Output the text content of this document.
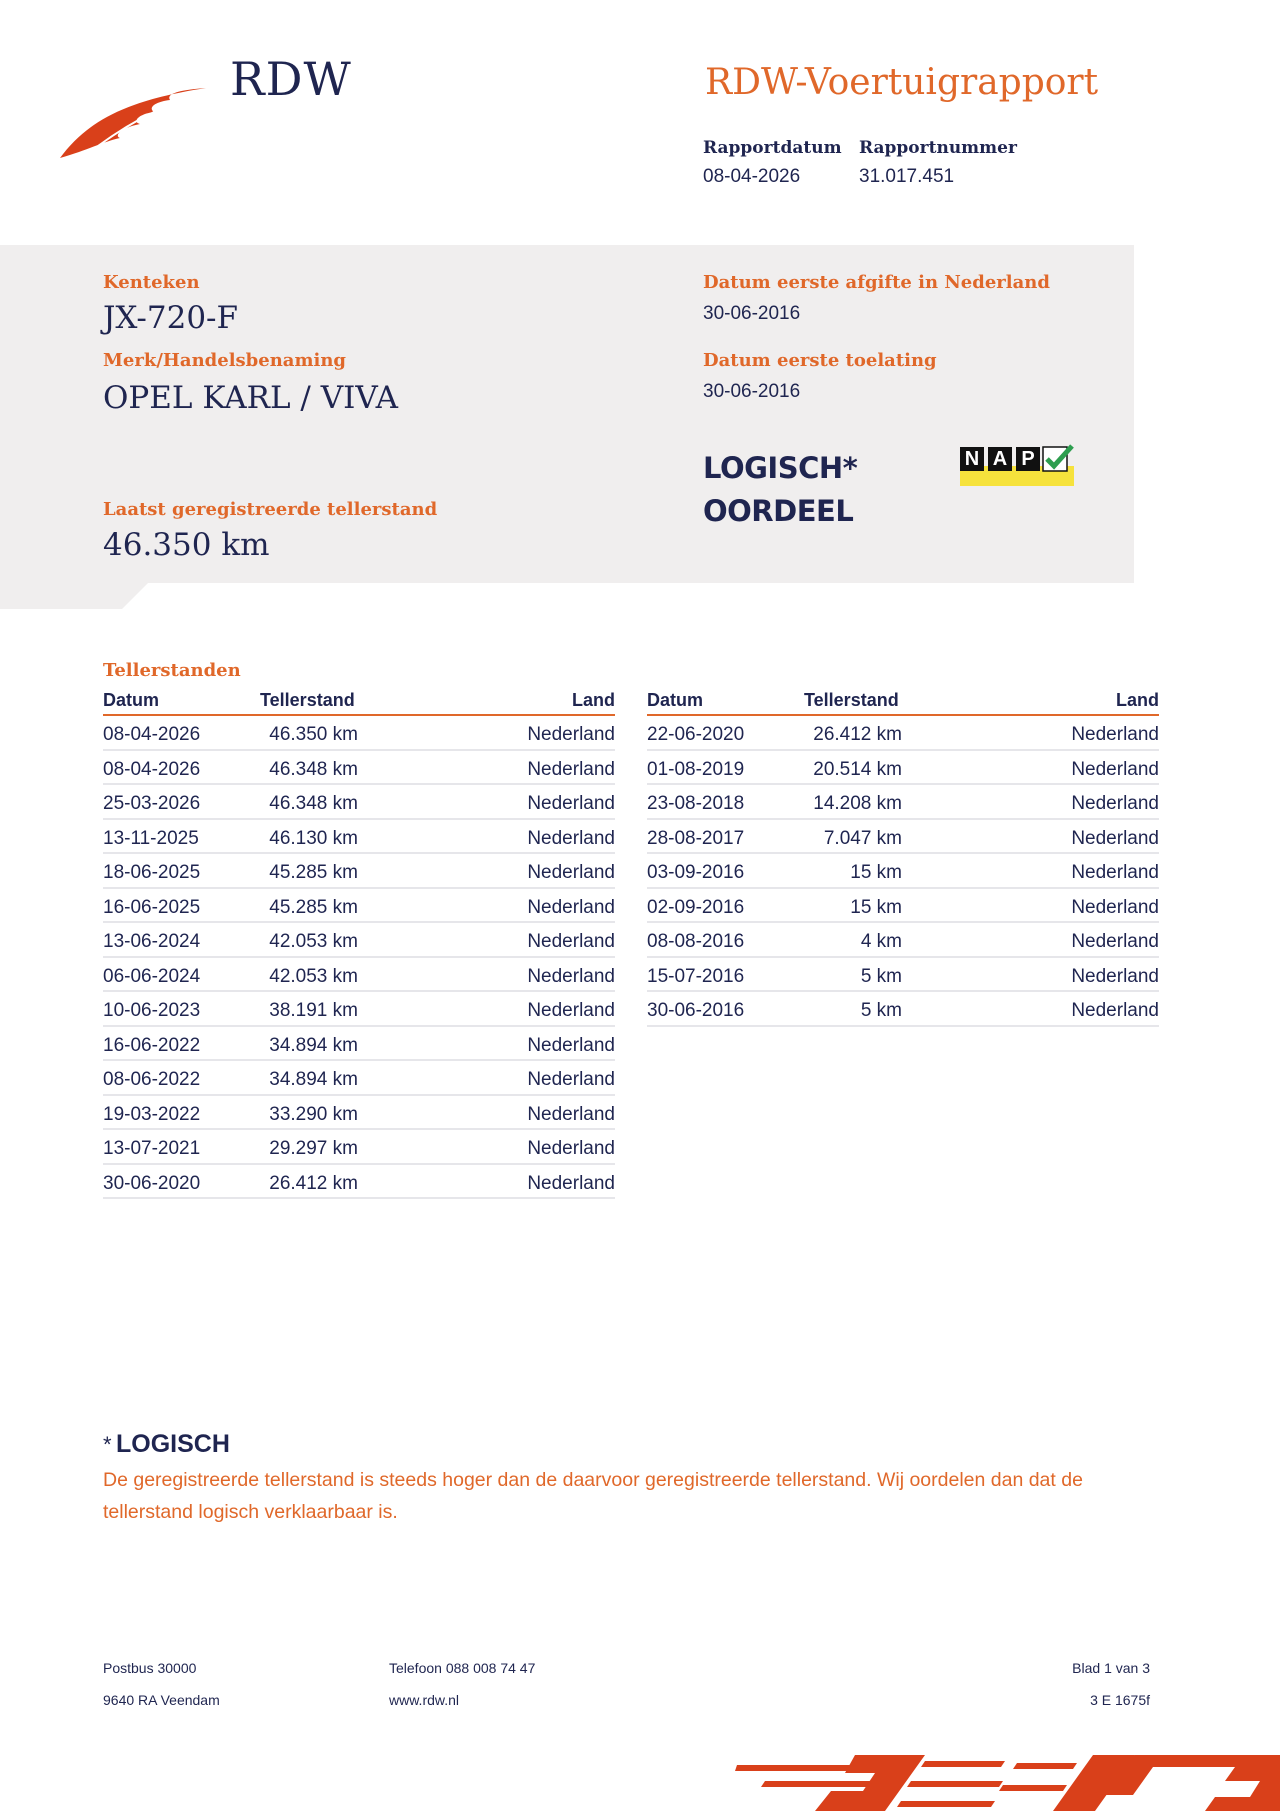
RDW	RDW-Voertuigrapport
Rapportdatum
08-04-2026
Rapportnummer
31.017.451
Kenteken
JX-720-F
Merk/Handelsbenaming
OPEL KARL / VIVA
Laatst geregistreerde tellerstand
46.350 km
Datum eerste afgifte in Nederland
30-06-2016
Datum eerste toelating
30-06-2016
LOGISCH*
OORDEEL
N A P
Tellerstanden
Datum	Tellerstand	Land
08-04-2026	46.350 km	Nederland
08-04-2026	46.348 km	Nederland
25-03-2026	46.348 km	Nederland
13-11-2025	46.130 km	Nederland
18-06-2025	45.285 km	Nederland
16-06-2025	45.285 km	Nederland
13-06-2024	42.053 km	Nederland
06-06-2024	42.053 km	Nederland
10-06-2023	38.191 km	Nederland
16-06-2022	34.894 km	Nederland
08-06-2022	34.894 km	Nederland
19-03-2022	33.290 km	Nederland
13-07-2021	29.297 km	Nederland
30-06-2020	26.412 km	Nederland
Datum	Tellerstand	Land
22-06-2020	26.412 km	Nederland
01-08-2019	20.514 km	Nederland
23-08-2018	14.208 km	Nederland
28-08-2017	7.047 km	Nederland
03-09-2016	15 km	Nederland
02-09-2016	15 km	Nederland
08-08-2016	4 km	Nederland
15-07-2016	5 km	Nederland
30-06-2016	5 km	Nederland
* LOGISCH
De geregistreerde tellerstand is steeds hoger dan de daarvoor geregistreerde tellerstand. Wij oordelen dan dat de tellerstand logisch verklaarbaar is.
Postbus 30000
9640 RA Veendam
Telefoon 088 008 74 47
www.rdw.nl
Blad 1 van 3
3 E 1675f
